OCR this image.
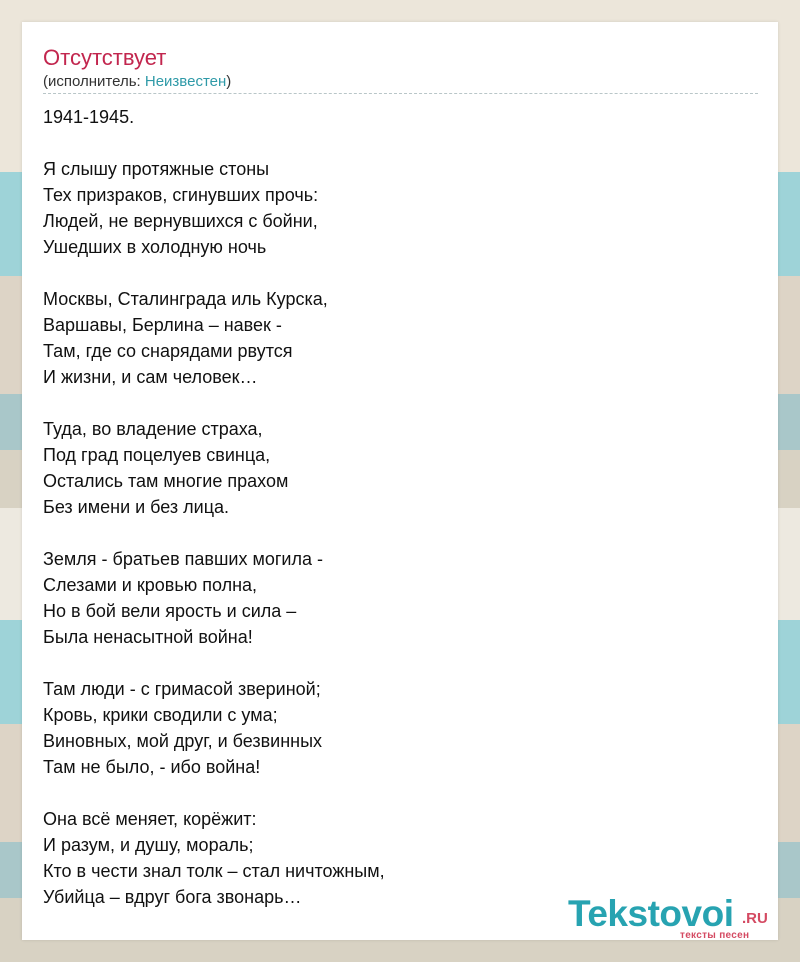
Отсутствует
(исполнитель: Неизвестен)
1941-1945.
Я слышу протяжные стоны
Тех призраков, сгинувших прочь:
Людей, не вернувшихся с бойни,
Ушедших в холодную ночь
Москвы, Сталинграда иль Курска,
Варшавы, Берлина – навек -
Там, где со снарядами рвутся
И жизни, и сам человек…
Туда, во владение страха,
Под град поцелуев свинца,
Остались там многие прахом
Без имени и без лица.
Земля - братьев павших могила -
Слезами и кровью полна,
Но в бой вели ярость и сила –
Была ненасытной война!
Там люди - с гримасой звериной;
Кровь, крики сводили с ума;
Виновных, мой друг, и безвинных
Там не было, - ибо война!
Она всё меняет, корёжит:
И разум, и душу, мораль;
Кто в чести знал толк – стал ничтожным,
Убийца – вдруг бога звонарь…	Tekstovoi .RU
тексты песен
